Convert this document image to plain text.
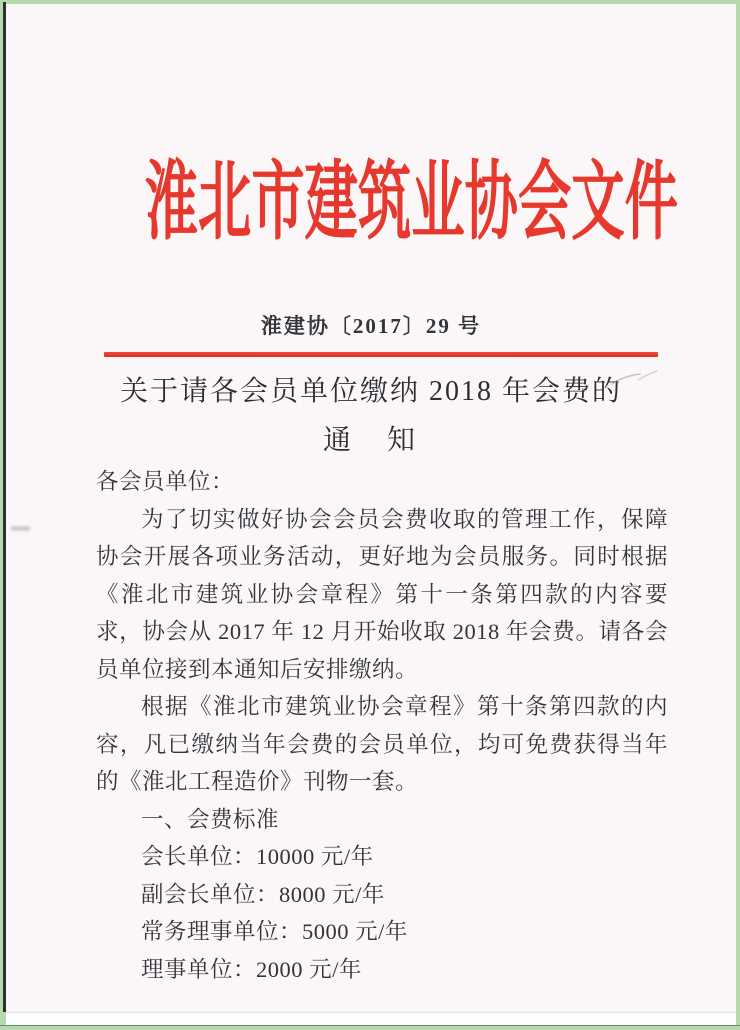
淮北市建筑业协会文件
淮建协〔2017〕29 号
关于请各会员单位缴纳 2018 年会费的
通　知

各会员单位：

为了切实做好协会会员会费收取的管理工作，保障协会开展各项业务活动，更好地为会员服务。同时根据《淮北市建筑业协会章程》第十一条第四款的内容要求，协会从 2017 年 12 月开始收取 2018 年会费。请各会员单位接到本通知后安排缴纳。

根据《淮北市建筑业协会章程》第十条第四款的内容，凡已缴纳当年会费的会员单位，均可免费获得当年的《淮北工程造价》刊物一套。

一、会费标准

会长单位：10000 元/年

副会长单位：8000 元/年

常务理事单位：5000 元/年

理事单位：2000 元/年
